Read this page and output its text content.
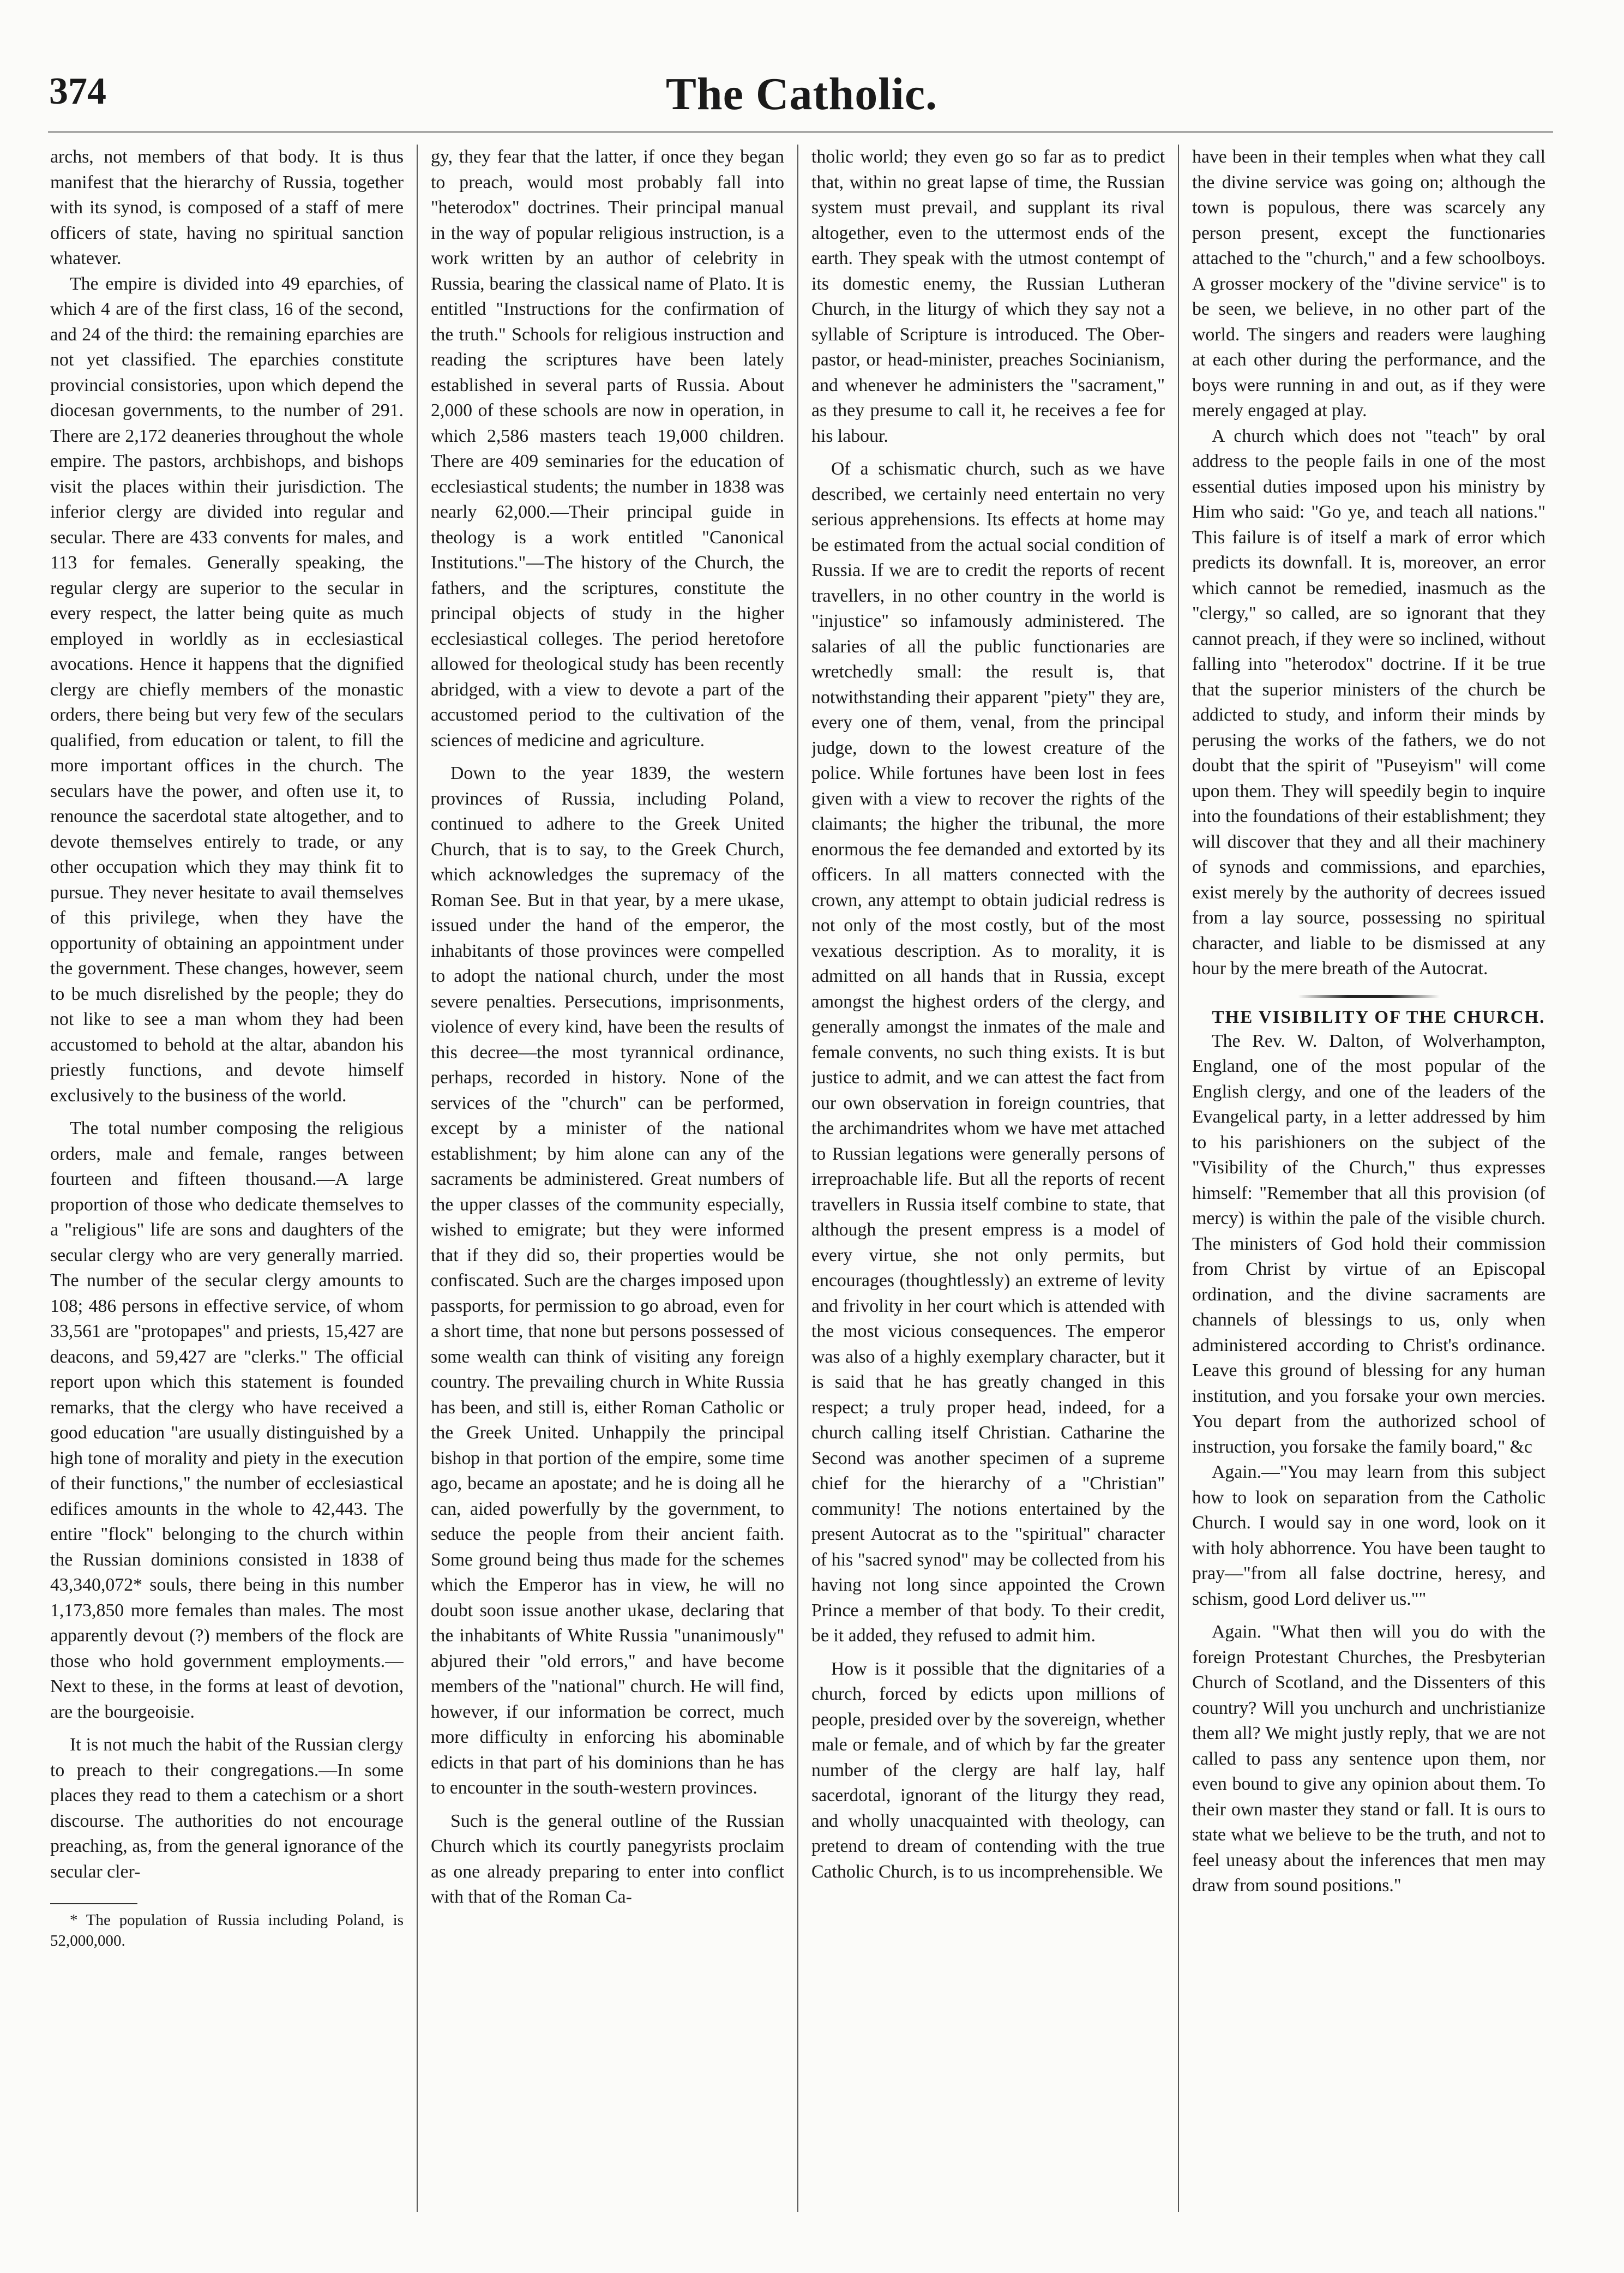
374	The Catholic.

archs, not members of that body. It is thus manifest that the hierarchy of Russia, together with its synod, is composed of a staff of mere officers of state, having no spiritual sanction whatever.

The empire is divided into 49 eparchies, of which 4 are of the first class, 16 of the second, and 24 of the third: the remaining eparchies are not yet classified. The eparchies constitute provincial consistories, upon which depend the diocesan governments, to the number of 291. There are 2,172 deaneries throughout the whole empire. The pastors, archbishops, and bishops visit the places within their jurisdiction. The inferior clergy are divided into regular and secular. There are 433 convents for males, and 113 for females. Generally speaking, the regular clergy are superior to the secular in every respect, the latter being quite as much employed in worldly as in ecclesiastical avocations. Hence it happens that the dignified clergy are chiefly members of the monastic orders, there being but very few of the seculars qualified, from education or talent, to fill the more important offices in the church. The seculars have the power, and often use it, to renounce the sacerdotal state altogether, and to devote themselves entirely to trade, or any other occupation which they may think fit to pursue. They never hesitate to avail themselves of this privilege, when they have the opportunity of obtaining an appointment under the government. These changes, however, seem to be much disrelished by the people; they do not like to see a man whom they had been accustomed to behold at the altar, abandon his priestly functions, and devote himself exclusively to the business of the world.

The total number composing the religious orders, male and female, ranges between fourteen and fifteen thousand.—A large proportion of those who dedicate themselves to a "religious" life are sons and daughters of the secular clergy who are very generally married. The number of the secular clergy amounts to 108; 486 persons in effective service, of whom 33,561 are "protopapes" and priests, 15,427 are deacons, and 59,427 are "clerks." The official report upon which this statement is founded remarks, that the clergy who have received a good education "are usually distinguished by a high tone of morality and piety in the execution of their functions," the number of ecclesiastical edifices amounts in the whole to 42,443. The entire "flock" belonging to the church within the Russian dominions consisted in 1838 of 43,340,072* souls, there being in this number 1,173,850 more females than males. The most apparently devout (?) members of the flock are those who hold government employments.—Next to these, in the forms at least of devotion, are the bourgeoisie.

It is not much the habit of the Russian clergy to preach to their congregations.—In some places they read to them a catechism or a short discourse. The authorities do not encourage preaching, as, from the general ignorance of the secular cler-

* The population of Russia including Poland, is 52,000,000.

gy, they fear that the latter, if once they began to preach, would most probably fall into "heterodox" doctrines. Their principal manual in the way of popular religious instruction, is a work written by an author of celebrity in Russia, bearing the classical name of Plato. It is entitled "Instructions for the confirmation of the truth." Schools for religious instruction and reading the scriptures have been lately established in several parts of Russia. About 2,000 of these schools are now in operation, in which 2,586 masters teach 19,000 children. There are 409 seminaries for the education of ecclesiastical students; the number in 1838 was nearly 62,000.—Their principal guide in theology is a work entitled "Canonical Institutions."—The history of the Church, the fathers, and the scriptures, constitute the principal objects of study in the higher ecclesiastical colleges. The period heretofore allowed for theological study has been recently abridged, with a view to devote a part of the accustomed period to the cultivation of the sciences of medicine and agriculture.

Down to the year 1839, the western provinces of Russia, including Poland, continued to adhere to the Greek United Church, that is to say, to the Greek Church, which acknowledges the supremacy of the Roman See. But in that year, by a mere ukase, issued under the hand of the emperor, the inhabitants of those provinces were compelled to adopt the national church, under the most severe penalties. Persecutions, imprisonments, violence of every kind, have been the results of this decree—the most tyrannical ordinance, perhaps, recorded in history. None of the services of the "church" can be performed, except by a minister of the national establishment; by him alone can any of the sacraments be administered. Great numbers of the upper classes of the community especially, wished to emigrate; but they were informed that if they did so, their properties would be confiscated. Such are the charges imposed upon passports, for permission to go abroad, even for a short time, that none but persons possessed of some wealth can think of visiting any foreign country. The prevailing church in White Russia has been, and still is, either Roman Catholic or the Greek United. Unhappily the principal bishop in that portion of the empire, some time ago, became an apostate; and he is doing all he can, aided powerfully by the government, to seduce the people from their ancient faith. Some ground being thus made for the schemes which the Emperor has in view, he will no doubt soon issue another ukase, declaring that the inhabitants of White Russia "unanimously" abjured their "old errors," and have become members of the "national" church. He will find, however, if our information be correct, much more difficulty in enforcing his abominable edicts in that part of his dominions than he has to encounter in the south-western provinces.

Such is the general outline of the Russian Church which its courtly panegyrists proclaim as one already preparing to enter into conflict with that of the Roman Ca-

tholic world; they even go so far as to predict that, within no great lapse of time, the Russian system must prevail, and supplant its rival altogether, even to the uttermost ends of the earth. They speak with the utmost contempt of its domestic enemy, the Russian Lutheran Church, in the liturgy of which they say not a syllable of Scripture is introduced. The Ober-pastor, or head-minister, preaches Socinianism, and whenever he administers the "sacrament," as they presume to call it, he receives a fee for his labour.

Of a schismatic church, such as we have described, we certainly need entertain no very serious apprehensions. Its effects at home may be estimated from the actual social condition of Russia. If we are to credit the reports of recent travellers, in no other country in the world is "injustice" so infamously administered. The salaries of all the public functionaries are wretchedly small: the result is, that notwithstanding their apparent "piety" they are, every one of them, venal, from the principal judge, down to the lowest creature of the police. While fortunes have been lost in fees given with a view to recover the rights of the claimants; the higher the tribunal, the more enormous the fee demanded and extorted by its officers. In all matters connected with the crown, any attempt to obtain judicial redress is not only of the most costly, but of the most vexatious description. As to morality, it is admitted on all hands that in Russia, except amongst the highest orders of the clergy, and generally amongst the inmates of the male and female convents, no such thing exists. It is but justice to admit, and we can attest the fact from our own observation in foreign countries, that the archimandrites whom we have met attached to Russian legations were generally persons of irreproachable life. But all the reports of recent travellers in Russia itself combine to state, that although the present empress is a model of every virtue, she not only permits, but encourages (thoughtlessly) an extreme of levity and frivolity in her court which is attended with the most vicious consequences. The emperor was also of a highly exemplary character, but it is said that he has greatly changed in this respect; a truly proper head, indeed, for a church calling itself Christian. Catharine the Second was another specimen of a supreme chief for the hierarchy of a "Christian" community! The notions entertained by the present Autocrat as to the "spiritual" character of his "sacred synod" may be collected from his having not long since appointed the Crown Prince a member of that body. To their credit, be it added, they refused to admit him.

How is it possible that the dignitaries of a church, forced by edicts upon millions of people, presided over by the sovereign, whether male or female, and of which by far the greater number of the clergy are half lay, half sacerdotal, ignorant of the liturgy they read, and wholly unacquainted with theology, can pretend to dream of contending with the true Catholic Church, is to us incomprehensible. We

have been in their temples when what they call the divine service was going on; although the town is populous, there was scarcely any person present, except the functionaries attached to the "church," and a few schoolboys. A grosser mockery of the "divine service" is to be seen, we believe, in no other part of the world. The singers and readers were laughing at each other during the performance, and the boys were running in and out, as if they were merely engaged at play.

A church which does not "teach" by oral address to the people fails in one of the most essential duties imposed upon his ministry by Him who said: "Go ye, and teach all nations." This failure is of itself a mark of error which predicts its downfall. It is, moreover, an error which cannot be remedied, inasmuch as the "clergy," so called, are so ignorant that they cannot preach, if they were so inclined, without falling into "heterodox" doctrine. If it be true that the superior ministers of the church be addicted to study, and inform their minds by perusing the works of the fathers, we do not doubt that the spirit of "Puseyism" will come upon them. They will speedily begin to inquire into the foundations of their establishment; they will discover that they and all their machinery of synods and commissions, and eparchies, exist merely by the authority of decrees issued from a lay source, possessing no spiritual character, and liable to be dismissed at any hour by the mere breath of the Autocrat.

THE VISIBILITY OF THE CHURCH.

The Rev. W. Dalton, of Wolverhampton, England, one of the most popular of the English clergy, and one of the leaders of the Evangelical party, in a letter addressed by him to his parishioners on the subject of the "Visibility of the Church," thus expresses himself: "Remember that all this provision (of mercy) is within the pale of the visible church. The ministers of God hold their commission from Christ by virtue of an Episcopal ordination, and the divine sacraments are channels of blessings to us, only when administered according to Christ's ordinance. Leave this ground of blessing for any human institution, and you forsake your own mercies. You depart from the authorized school of instruction, you forsake the family board," &c

Again.—"You may learn from this subject how to look on separation from the Catholic Church. I would say in one word, look on it with holy abhorrence. You have been taught to pray—"from all false doctrine, heresy, and schism, good Lord deliver us.""

Again. "What then will you do with the foreign Protestant Churches, the Presbyterian Church of Scotland, and the Dissenters of this country? Will you unchurch and unchristianize them all? We might justly reply, that we are not called to pass any sentence upon them, nor even bound to give any opinion about them. To their own master they stand or fall. It is ours to state what we believe to be the truth, and not to feel uneasy about the inferences that men may draw from sound positions."
